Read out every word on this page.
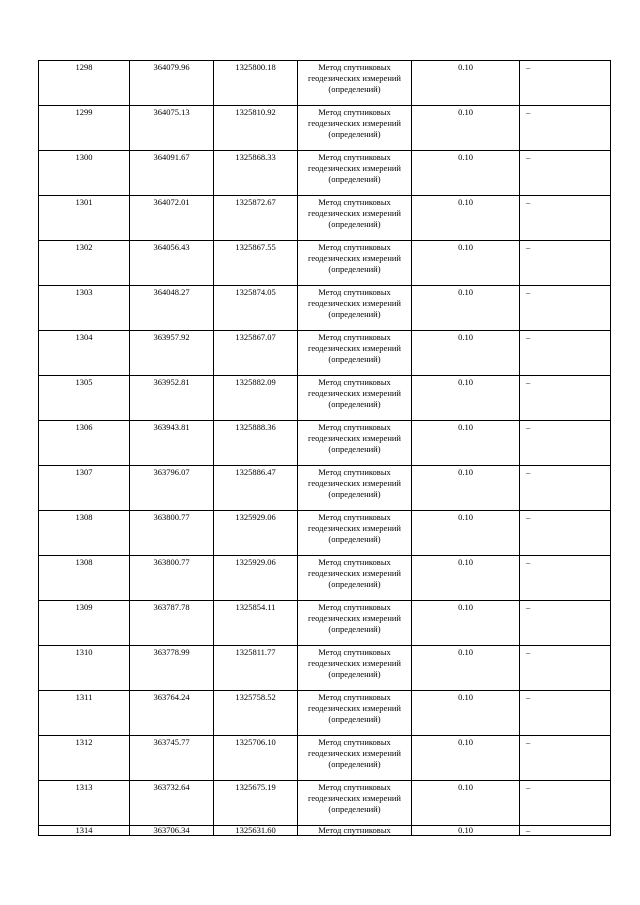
1298	364079.96	1325800.18	Метод спутниковых геодезических измерений (определений)	0.10	–
1299	364075.13	1325810.92	Метод спутниковых геодезических измерений (определений)	0.10	–
1300	364091.67	1325868.33	Метод спутниковых геодезических измерений (определений)	0.10	–
1301	364072.01	1325872.67	Метод спутниковых геодезических измерений (определений)	0.10	–
1302	364056.43	1325867.55	Метод спутниковых геодезических измерений (определений)	0.10	–
1303	364048.27	1325874.05	Метод спутниковых геодезических измерений (определений)	0.10	–
1304	363957.92	1325867.07	Метод спутниковых геодезических измерений (определений)	0.10	–
1305	363952.81	1325882.09	Метод спутниковых геодезических измерений (определений)	0.10	–
1306	363943.81	1325888.36	Метод спутниковых геодезических измерений (определений)	0.10	–
1307	363796.07	1325886.47	Метод спутниковых геодезических измерений (определений)	0.10	–
1308	363800.77	1325929.06	Метод спутниковых геодезических измерений (определений)	0.10	–
1308	363800.77	1325929.06	Метод спутниковых геодезических измерений (определений)	0.10	–
1309	363787.78	1325854.11	Метод спутниковых геодезических измерений (определений)	0.10	–
1310	363778.99	1325811.77	Метод спутниковых геодезических измерений (определений)	0.10	–
1311	363764.24	1325758.52	Метод спутниковых геодезических измерений (определений)	0.10	–
1312	363745.77	1325706.10	Метод спутниковых геодезических измерений (определений)	0.10	–
1313	363732.64	1325675.19	Метод спутниковых геодезических измерений (определений)	0.10	–
1314	363706.34	1325631.60	Метод спутниковых	0.10	–
